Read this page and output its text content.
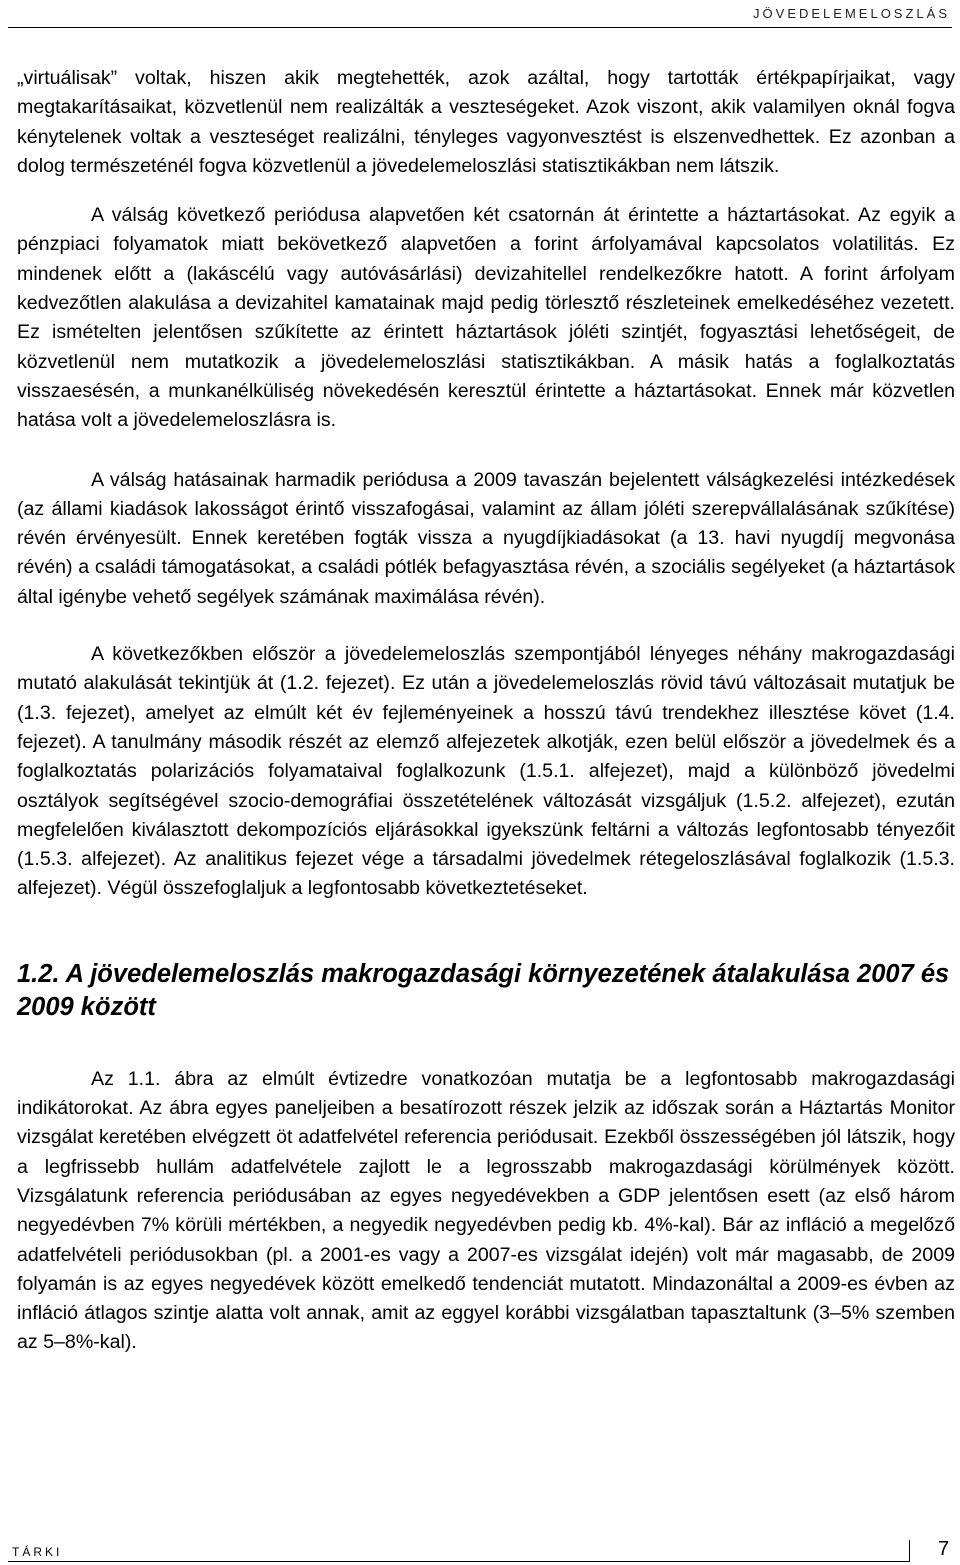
JÖVEDELEMELOSZLÁS

„virtuálisak” voltak, hiszen akik megtehették, azok azáltal, hogy tartották értékpapírjaikat, vagy megtakarításaikat, közvetlenül nem realizálták a veszteségeket. Azok viszont, akik valamilyen oknál fogva kénytelenek voltak a veszteséget realizálni, tényleges vagyonvesztést is elszenvedhettek. Ez azonban a dolog természeténél fogva közvetlenül a jövedelemeloszlási statisztikákban nem látszik.

A válság következő periódusa alapvetően két csatornán át érintette a háztartásokat. Az egyik a pénzpiaci folyamatok miatt bekövetkező alapvetően a forint árfolyamával kapcsolatos volatilitás. Ez mindenek előtt a (lakáscélú vagy autóvásárlási) devizahitellel rendelkezőkre hatott. A forint árfolyam kedvezőtlen alakulása a devizahitel kamatainak majd pedig törlesztő részleteinek emelkedéséhez vezetett. Ez ismételten jelentősen szűkítette az érintett háztartások jóléti szintjét, fogyasztási lehetőségeit, de közvetlenül nem mutatkozik a jövedelemeloszlási statisztikákban. A másik hatás a foglalkoztatás visszaesésén, a munkanélküliség növekedésén keresztül érintette a háztartásokat. Ennek már közvetlen hatása volt a jövedelemeloszlásra is.

A válság hatásainak harmadik periódusa a 2009 tavaszán bejelentett válságkezelési intézkedések (az állami kiadások lakosságot érintő visszafogásai, valamint az állam jóléti szerepvállalásának szűkítése) révén érvényesült. Ennek keretében fogták vissza a nyugdíjkiadásokat (a 13. havi nyugdíj megvonása révén) a családi támogatásokat, a családi pótlék befagyasztása révén, a szociális segélyeket (a háztartások által igénybe vehető segélyek számának maximálása révén).

A következőkben először a jövedelemeloszlás szempontjából lényeges néhány makrogazdasági mutató alakulását tekintjük át (1.2. fejezet). Ez után a jövedelemeloszlás rövid távú változásait mutatjuk be (1.3. fejezet), amelyet az elmúlt két év fejleményeinek a hosszú távú trendekhez illesztése követ (1.4. fejezet). A tanulmány második részét az elemző alfejezetek alkotják, ezen belül először a jövedelmek és a foglalkoztatás polarizációs folyamataival foglalkozunk (1.5.1. alfejezet), majd a különböző jövedelmi osztályok segítségével szocio-demográfiai összetételének változását vizsgáljuk (1.5.2. alfejezet), ezután megfelelően kiválasztott dekompozíciós eljárásokkal igyekszünk feltárni a változás legfontosabb tényezőit (1.5.3. alfejezet). Az analitikus fejezet vége a társadalmi jövedelmek rétegeloszlásával foglalkozik (1.5.3. alfejezet). Végül összefoglaljuk a legfontosabb következtetéseket.

1.2. A jövedelemeloszlás makrogazdasági környezetének átalakulása 2007 és 2009 között

Az 1.1. ábra az elmúlt évtizedre vonatkozóan mutatja be a legfontosabb makrogazdasági indikátorokat. Az ábra egyes paneljeiben a besatírozott részek jelzik az időszak során a Háztartás Monitor vizsgálat keretében elvégzett öt adatfelvétel referencia periódusait. Ezekből összességében jól látszik, hogy a legfrissebb hullám adatfelvétele zajlott le a legrosszabb makrogazdasági körülmények között. Vizsgálatunk referencia periódusában az egyes negyedévekben a GDP jelentősen esett (az első három negyedévben 7% körüli mértékben, a negyedik negyedévben pedig kb. 4%-kal). Bár az infláció a megelőző adatfelvételi periódusokban (pl. a 2001-es vagy a 2007-es vizsgálat idején) volt már magasabb, de 2009 folyamán is az egyes negyedévek között emelkedő tendenciát mutatott. Mindazonáltal a 2009-es évben az infláció átlagos szintje alatta volt annak, amit az eggyel korábbi vizsgálatban tapasztaltunk (3–5% szemben az 5–8%-kal).

TÁRKI	7
